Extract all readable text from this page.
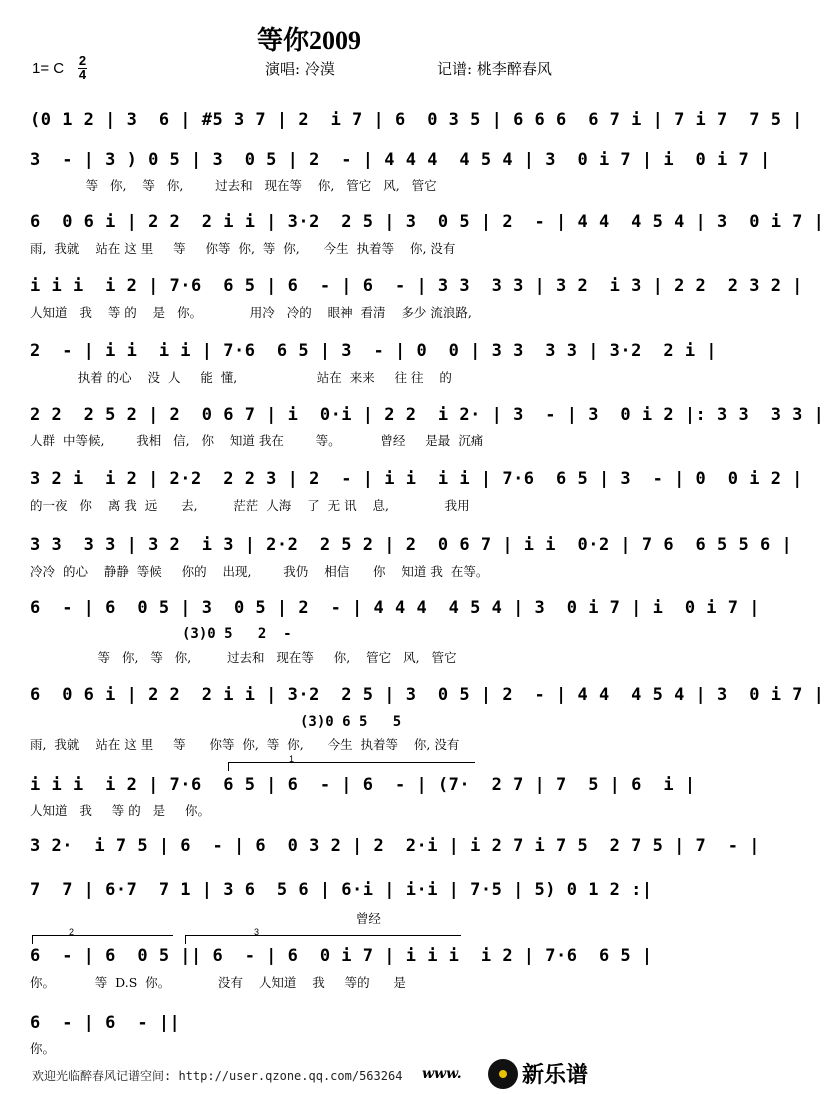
等你2009
1= C 2
4	演唱: 冷漠	记谱: 桃李醉春风
(0 1 2 | 3  6 | #5 3 7 | 2  i 7 | 6  0 3 5 | 6 6 6  6 7 i | 7 i 7  7 5 |
3  - | 3 ) 0 5 | 3  0 5 | 2  - | 4 4 4  4 5 4 | 3  0 i 7 | i  0 i 7 |
等   你,    等   你,        过去和   现在等    你,   管它   风,   管它
6  0 6 i | 2 2  2 i i | 3·2  2 5 | 3  0 5 | 2  - | 4 4  4 5 4 | 3  0 i 7 |
雨,  我就    站在 这 里     等     你等  你,  等  你,      今生  执着等    你, 没有
i i i  i 2 | 7·6  6 5 | 6  - | 6  - | 3 3  3 3 | 3 2  i 3 | 2 2  2 3 2 |
人知道   我    等 的    是   你。            用冷   冷的    眼神  看清    多少 流浪路,
2  - | i i  i i | 7·6  6 5 | 3  - | 0  0 | 3 3  3 3 | 3·2  2 i |
执着 的心    没  人     能  懂,                    站在  来来     往 往    的
2 2  2 5 2 | 2  0 6 7 | i  0·i | 2 2  i 2· | 3  - | 3  0 i 2 |: 3 3  3 3 |
人群  中等候,        我相   信,   你    知道 我在        等。          曾经     是最  沉痛
3 2 i  i 2 | 2·2  2 2 3 | 2  - | i i  i i | 7·6  6 5 | 3  - | 0  0 i 2 |
的一夜   你    离 我  远      去,         茫茫  人海    了  无 讯    息,              我用
3 3  3 3 | 3 2  i 3 | 2·2  2 5 2 | 2  0 6 7 | i i  0·2 | 7 6  6 5 5 6 |
冷冷  的心    静静  等候     你的    出现,        我仍    相信      你    知道 我  在等。
6  - | 6  0 5 | 3  0 5 | 2  - | 4 4 4  4 5 4 | 3  0 i 7 | i  0 i 7 |
(3)0 5   2  -
等   你,   等   你,         过去和   现在等     你,    管它   风,   管它
6  0 6 i | 2 2  2 i i | 3·2  2 5 | 3  0 5 | 2  - | 4 4  4 5 4 | 3  0 i 7 |
(3)0 6 5   5
雨,  我就    站在 这 里     等      你等  你,  等  你,      今生  执着等    你, 没有
1
i i i  i 2 | 7·6  6 5 | 6  - | 6  - | (7·  2 7 | 7  5 | 6  i |
人知道   我     等 的   是     你。
3 2·  i 7 5 | 6  - | 6  0 3 2 | 2  2·i | i 2 7 i 7 5  2 7 5 | 7  - |
7  7 | 6·7  7 1 | 3 6  5 6 | 6·i | i·i | 7·5 | 5) 0 1 2 :|
曾经
2	3
6  - | 6  0 5 || 6  - | 6  0 i 7 | i i i  i 2 | 7·6  6 5 |
你。          等  D.S  你。            没有    人知道    我     等的      是
6  - | 6  - ||
你。
欢迎光临醉春风记谱空间: http://user.qzone.qq.com/563264 www.	新乐谱
